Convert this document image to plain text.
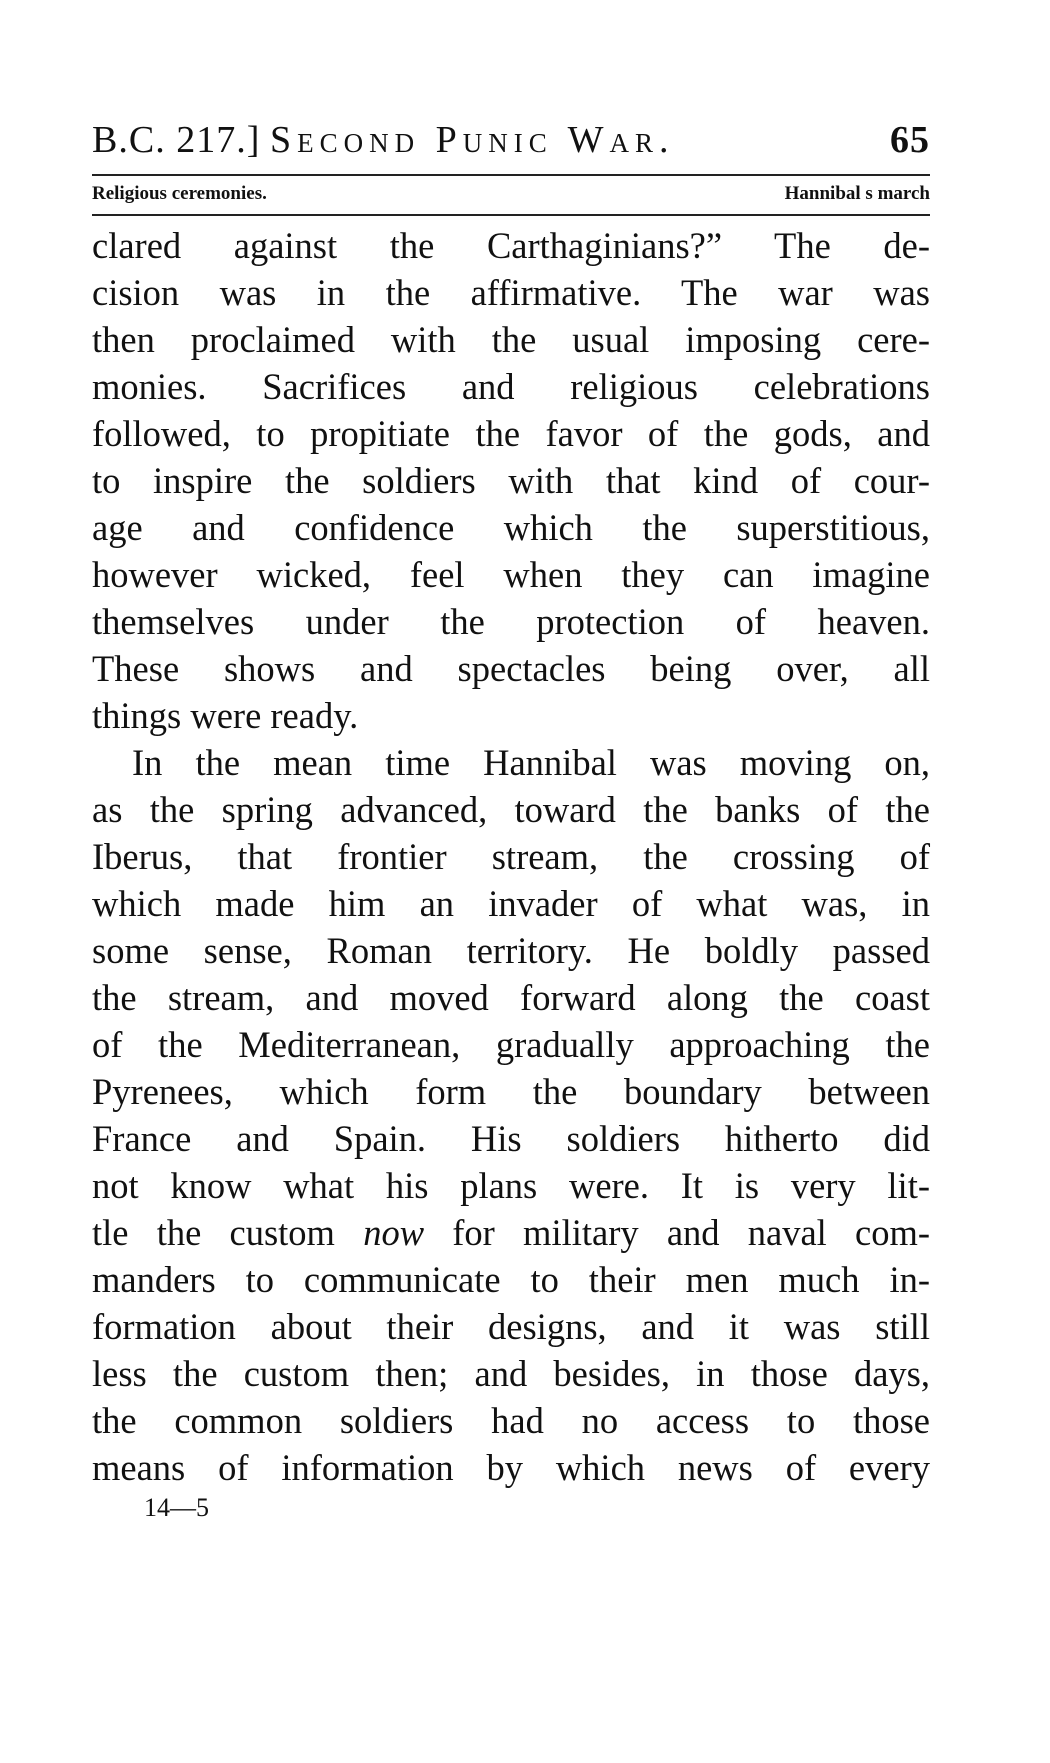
B.C. 217.] Second Punic War.	65
Religious ceremonies.	Hannibal s march
clared against the Carthaginians?” The de-
cision was in the affirmative. The war was
then proclaimed with the usual imposing cere-
monies. Sacrifices and religious celebrations
followed, to propitiate the favor of the gods, and
to inspire the soldiers with that kind of cour-
age and confidence which the superstitious,
however wicked, feel when they can imagine
themselves under the protection of heaven.
These shows and spectacles being over, all
things were ready.
In the mean time Hannibal was moving on,
as the spring advanced, toward the banks of the
Iberus, that frontier stream, the crossing of
which made him an invader of what was, in
some sense, Roman territory. He boldly passed
the stream, and moved forward along the coast
of the Mediterranean, gradually approaching the
Pyrenees, which form the boundary between
France and Spain. His soldiers hitherto did
not know what his plans were. It is very lit-
tle the custom now for military and naval com-
manders to communicate to their men much in-
formation about their designs, and it was still
less the custom then; and besides, in those days,
the common soldiers had no access to those
means of information by which news of every
14—5
